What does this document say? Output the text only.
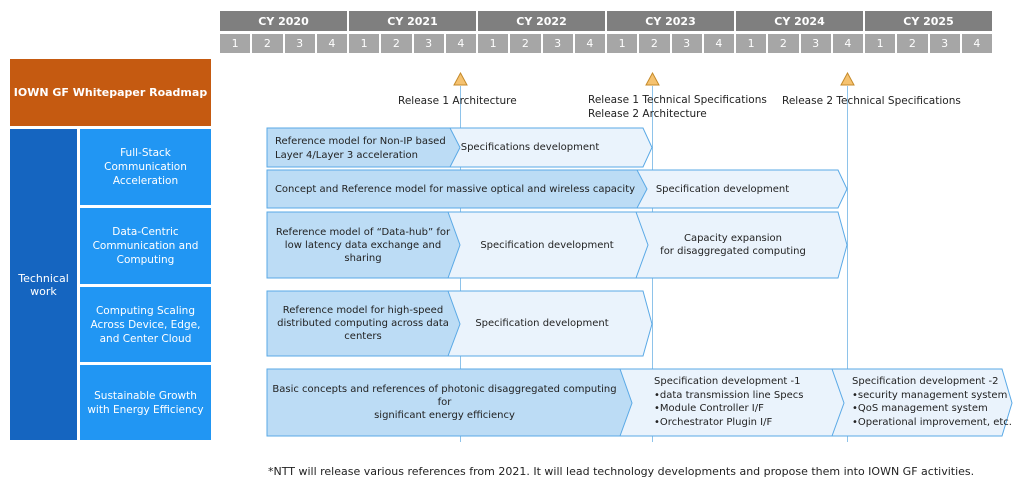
CY 2020	CY 2021	CY 2022	CY 2023	CY 2024	CY 2025
1	2	3	4	1	2	3	4	1	2	3	4	1	2	3	4	1	2	3	4	1	2	3	4
IOWN GF Whitepaper Roadmap
Technical
work
Full-Stack
Communication
Acceleration
Data-Centric
Communication and
Computing
Computing Scaling
Across Device, Edge,
and Center Cloud
Sustainable Growth
with Energy Efficiency
Release 1 Architecture	Release 1 Technical Specifications
Release 2 Architecture
Release 2 Technical Specifications
Reference model for Non-IP based
Layer 4/Layer 3 acceleration
Specifications development
Concept and Reference model for massive optical and wireless capacity	Specification development
Reference model of “Data-hub” for
low latency data exchange and
sharing
Specification development
Capacity expansion
for disaggregated computing
Reference model for high-speed
distributed computing across data
centers
Specification development
Basic concepts and references of photonic disaggregated computing for
significant energy efficiency
Specification development -1
•data transmission line Specs
•Module Controller I/F
•Orchestrator Plugin I/F
Specification development -2
•security management system
•QoS management system
•Operational improvement, etc.
*NTT will release various references from 2021. It will lead technology developments and propose them into IOWN GF activities.
